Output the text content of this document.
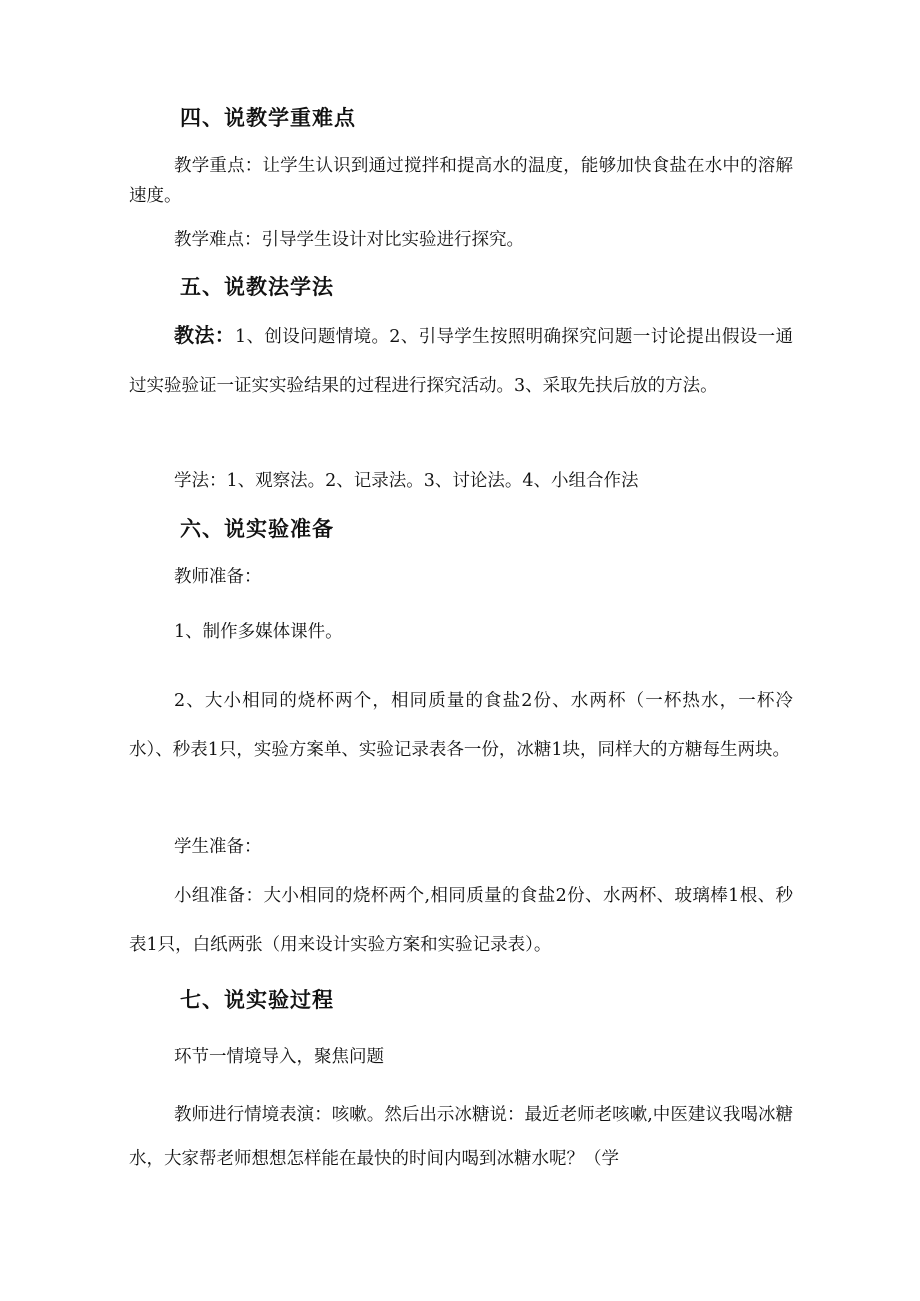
四、说教学重难点

教学重点：让学生认识到通过搅拌和提高水的温度，能够加快食盐在水中的溶解速度。

教学难点：引导学生设计对比实验进行探究。

五、说教法学法

教法：1、创设问题情境。2、引导学生按照明确探究问题一讨论提出假设一通过实验验证一证实实验结果的过程进行探究活动。3、采取先扶后放的方法。

学法：1、观察法。2、记录法。3、讨论法。4、小组合作法

六、说实验准备

教师准备：

1、制作多媒体课件。

2、大小相同的烧杯两个，相同质量的食盐2份、水两杯（一杯热水，一杯冷水）、秒表1只，实验方案单、实验记录表各一份，冰糖1块，同样大的方糖每生两块。

学生准备：

小组准备：大小相同的烧杯两个,相同质量的食盐2份、水两杯、玻璃棒1根、秒表1只，白纸两张（用来设计实验方案和实验记录表）。

七、说实验过程

环节一情境导入，聚焦问题

教师进行情境表演：咳嗽。然后出示冰糖说：最近老师老咳嗽,中医建议我喝冰糖水，大家帮老师想想怎样能在最快的时间内喝到冰糖水呢？（学
